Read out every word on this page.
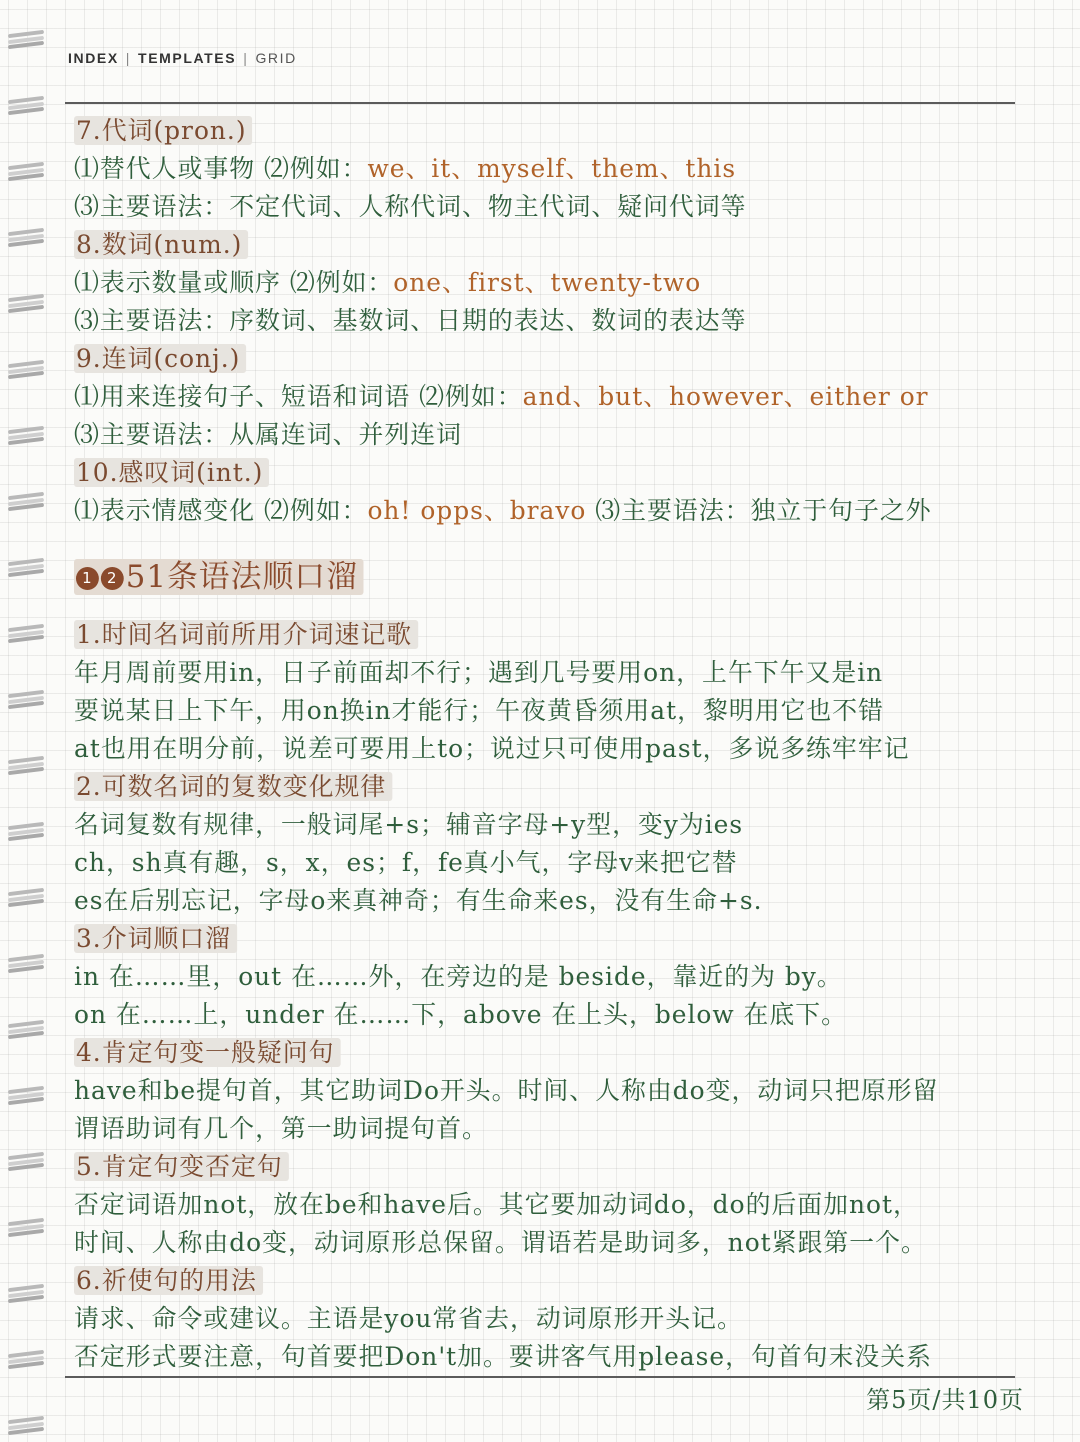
INDEX | TEMPLATES | GRID
7.代词(pron.)
⑴替代人或事物 ⑵例如：we、it、myself、them、this
⑶主要语法：不定代词、人称代词、物主代词、疑问代词等
8.数词(num.)
⑴表示数量或顺序 ⑵例如：one、first、twenty-two
⑶主要语法：序数词、基数词、日期的表达、数词的表达等
9.连词(conj.)
⑴用来连接句子、短语和词语 ⑵例如：and、but、however、either or
⑶主要语法：从属连词、并列连词
10.感叹词(int.)
⑴表示情感变化 ⑵例如：oh! opps、bravo ⑶主要语法：独立于句子之外
1 2 51条语法顺口溜
1.时间名词前所用介词速记歌
年月周前要用in，日子前面却不行；遇到几号要用on，上午下午又是in
要说某日上下午，用on换in才能行；午夜黄昏须用at，黎明用它也不错
at也用在明分前，说差可要用上to；说过只可使用past，多说多练牢牢记
2.可数名词的复数变化规律
名词复数有规律，一般词尾+s；辅音字母+y型，变y为ies
ch，sh真有趣，s，x，es；f，fe真小气，字母v来把它替
es在后别忘记，字母o来真神奇；有生命来es，没有生命+s.
3.介词顺口溜
in 在……里，out 在……外，在旁边的是 beside，靠近的为 by。
on 在……上，under 在……下，above 在上头，below 在底下。
4.肯定句变一般疑问句
have和be提句首，其它助词Do开头。时间、人称由do变，动词只把原形留
谓语助词有几个，第一助词提句首。
5.肯定句变否定句
否定词语加not，放在be和have后。其它要加动词do，do的后面加not，
时间、人称由do变，动词原形总保留。谓语若是助词多，not紧跟第一个。
6.祈使句的用法
请求、命令或建议。主语是you常省去，动词原形开头记。
否定形式要注意，句首要把Don't加。要讲客气用please，句首句末没关系
第5页/共10页
